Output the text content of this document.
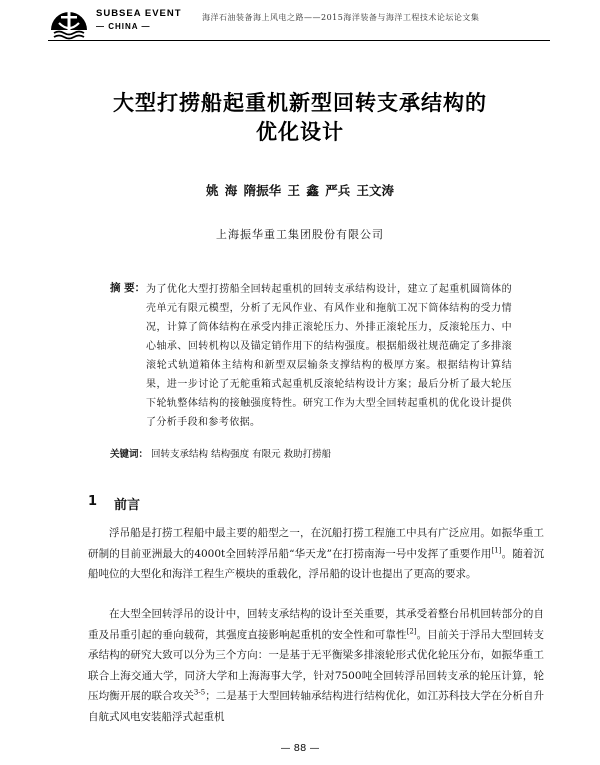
SUBSEA EVENT
— CHINA —
海洋石油装备海上风电之路——2015海洋装备与海洋工程技术论坛论文集
大型打捞船起重机新型回转支承结构的
优化设计
姚 海 隋振华 王 鑫 严兵 王文涛
上海振华重工集团股份有限公司
摘 要： 为了优化大型打捞船全回转起重机的回转支承结构设计，建立了起重机圆筒体的壳单元有限元模型，分析了无风作业、有风作业和拖航工况下筒体结构的受力情况，计算了筒体结构在承受内排正滚轮压力、外排正滚轮压力，反滚轮压力、中心轴承、回转机构以及锚定销作用下的结构强度。根据船级社规范确定了多排滚滚轮式轨道箱体主结构和新型双层输条支撑结构的极厚方案。根据结构计算结果，进一步讨论了无舵重箱式起重机反滚轮结构设计方案；最后分析了最大轮压下轮轨整体结构的接触强度特性。研究工作为大型全回转起重机的优化设计提供了分析手段和参考依据。

关键词： 回转支承结构 结构强度 有限元 救助打捞船
1 前言

浮吊船是打捞工程船中最主要的船型之一，在沉船打捞工程施工中具有广泛应用。如振华重工研制的目前亚洲最大的4000t全回转浮吊船“华天龙”在打捞南海一号中发挥了重要作用[1]。随着沉船吨位的大型化和海洋工程生产模块的重载化，浮吊船的设计也提出了更高的要求。

在大型全回转浮吊的设计中，回转支承结构的设计至关重要，其承受着整台吊机回转部分的自重及吊重引起的垂向载荷，其强度直接影响起重机的安全性和可靠性[2]。目前关于浮吊大型回转支承结构的研究大致可以分为三个方向：一是基于无平衡梁多排滚轮形式优化轮压分布，如振华重工联合上海交通大学，同济大学和上海海事大学，针对7500吨全回转浮吊回转支承的轮压计算，轮压均衡开展的联合攻关$^{3-5}$；二是基于大型回转轴承结构进行结构优化，如江苏科技大学在分析自升自航式风电安装船浮式起重机

— 88 —
